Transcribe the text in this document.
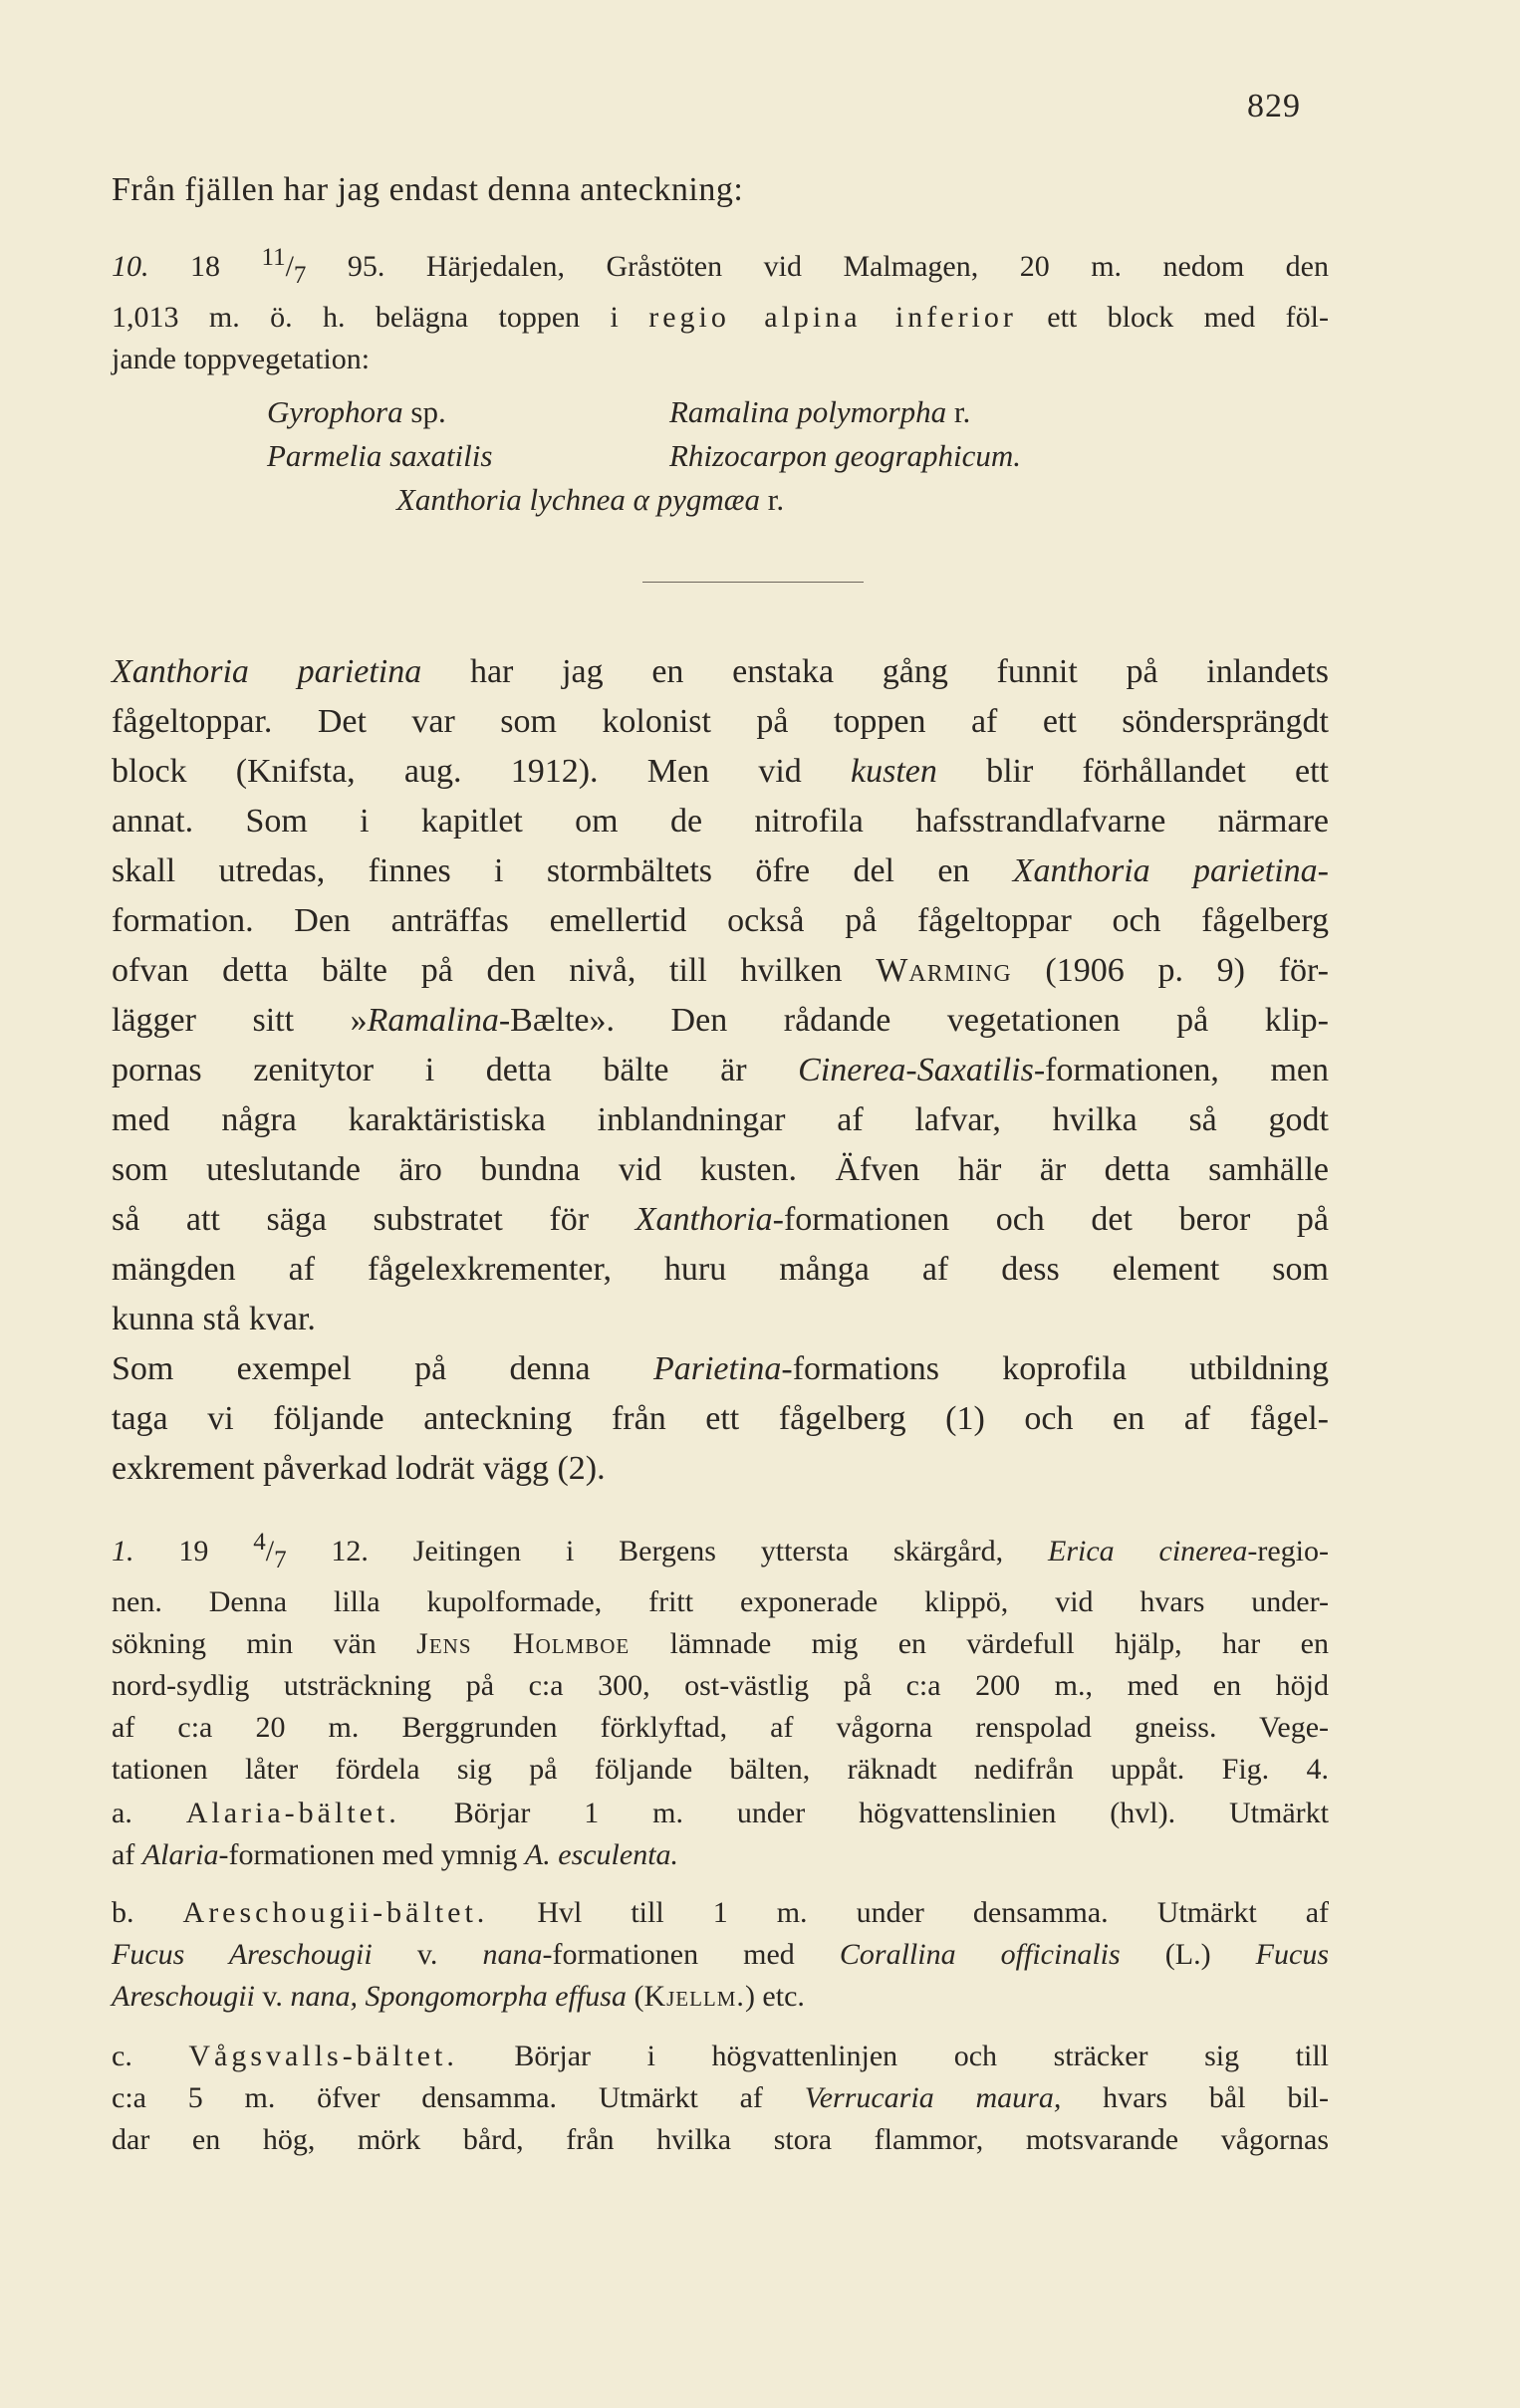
829
Från fjällen har jag endast denna anteckning:
10. 18 $^{11}/_7$ 95. Härjedalen, Gråstöten vid Malmagen, 20 m. nedom den
1,013 m. ö. h. belägna toppen i regio alpina inferior ett block med föl-
jande toppvegetation:
Gyrophora sp.	Ramalina polymorpha r.
Parmelia saxatilis	Rhizocarpon geographicum.
Xanthoria lychnea α pygmæa r.
Xanthoria parietina har jag en enstaka gång funnit på inlandets
fågeltoppar. Det var som kolonist på toppen af ett söndersprängdt
block (Knifsta, aug. 1912). Men vid kusten blir förhållandet ett
annat. Som i kapitlet om de nitrofila hafsstrandlafvarne närmare
skall utredas, finnes i stormbältets öfre del en Xanthoria parietina-
formation. Den anträffas emellertid också på fågeltoppar och fågelberg
ofvan detta bälte på den nivå, till hvilken Warming (1906 p. 9) för-
lägger sitt »Ramalina-Bælte». Den rådande vegetationen på klip-
pornas zenitytor i detta bälte är Cinerea-Saxatilis-formationen, men
med några karaktäristiska inblandningar af lafvar, hvilka så godt
som uteslutande äro bundna vid kusten. Äfven här är detta samhälle
så att säga substratet för Xanthoria-formationen och det beror på
mängden af fågelexkrementer, huru många af dess element som
kunna stå kvar.
Som exempel på denna Parietina-formations koprofila utbildning
taga vi följande anteckning från ett fågelberg (1) och en af fågel-
exkrement påverkad lodrät vägg (2).
1. 19 $^4/_7$ 12. Jeitingen i Bergens yttersta skärgård, Erica cinerea-regio-
nen. Denna lilla kupolformade, fritt exponerade klippö, vid hvars under-
sökning min vän Jens Holmboe lämnade mig en värdefull hjälp, har en
nord-sydlig utsträckning på c:a 300, ost-västlig på c:a 200 m., med en höjd
af c:a 20 m. Berggrunden förklyftad, af vågorna renspolad gneiss. Vege-
tationen låter fördela sig på följande bälten, räknadt nedifrån uppåt. Fig. 4.
a. Alaria-bältet. Börjar 1 m. under högvattenslinien (hvl). Utmärkt
af Alaria-formationen med ymnig A. esculenta.
b. Areschougii-bältet. Hvl till 1 m. under densamma. Utmärkt af
Fucus Areschougii v. nana-formationen med Corallina officinalis (L.) Fucus
Areschougii v. nana, Spongomorpha effusa (Kjellm.) etc.
c. Vågsvalls-bältet. Börjar i högvattenlinjen och sträcker sig till
c:a 5 m. öfver densamma. Utmärkt af Verrucaria maura, hvars bål bil-
dar en hög, mörk bård, från hvilka stora flammor, motsvarande vågornas
